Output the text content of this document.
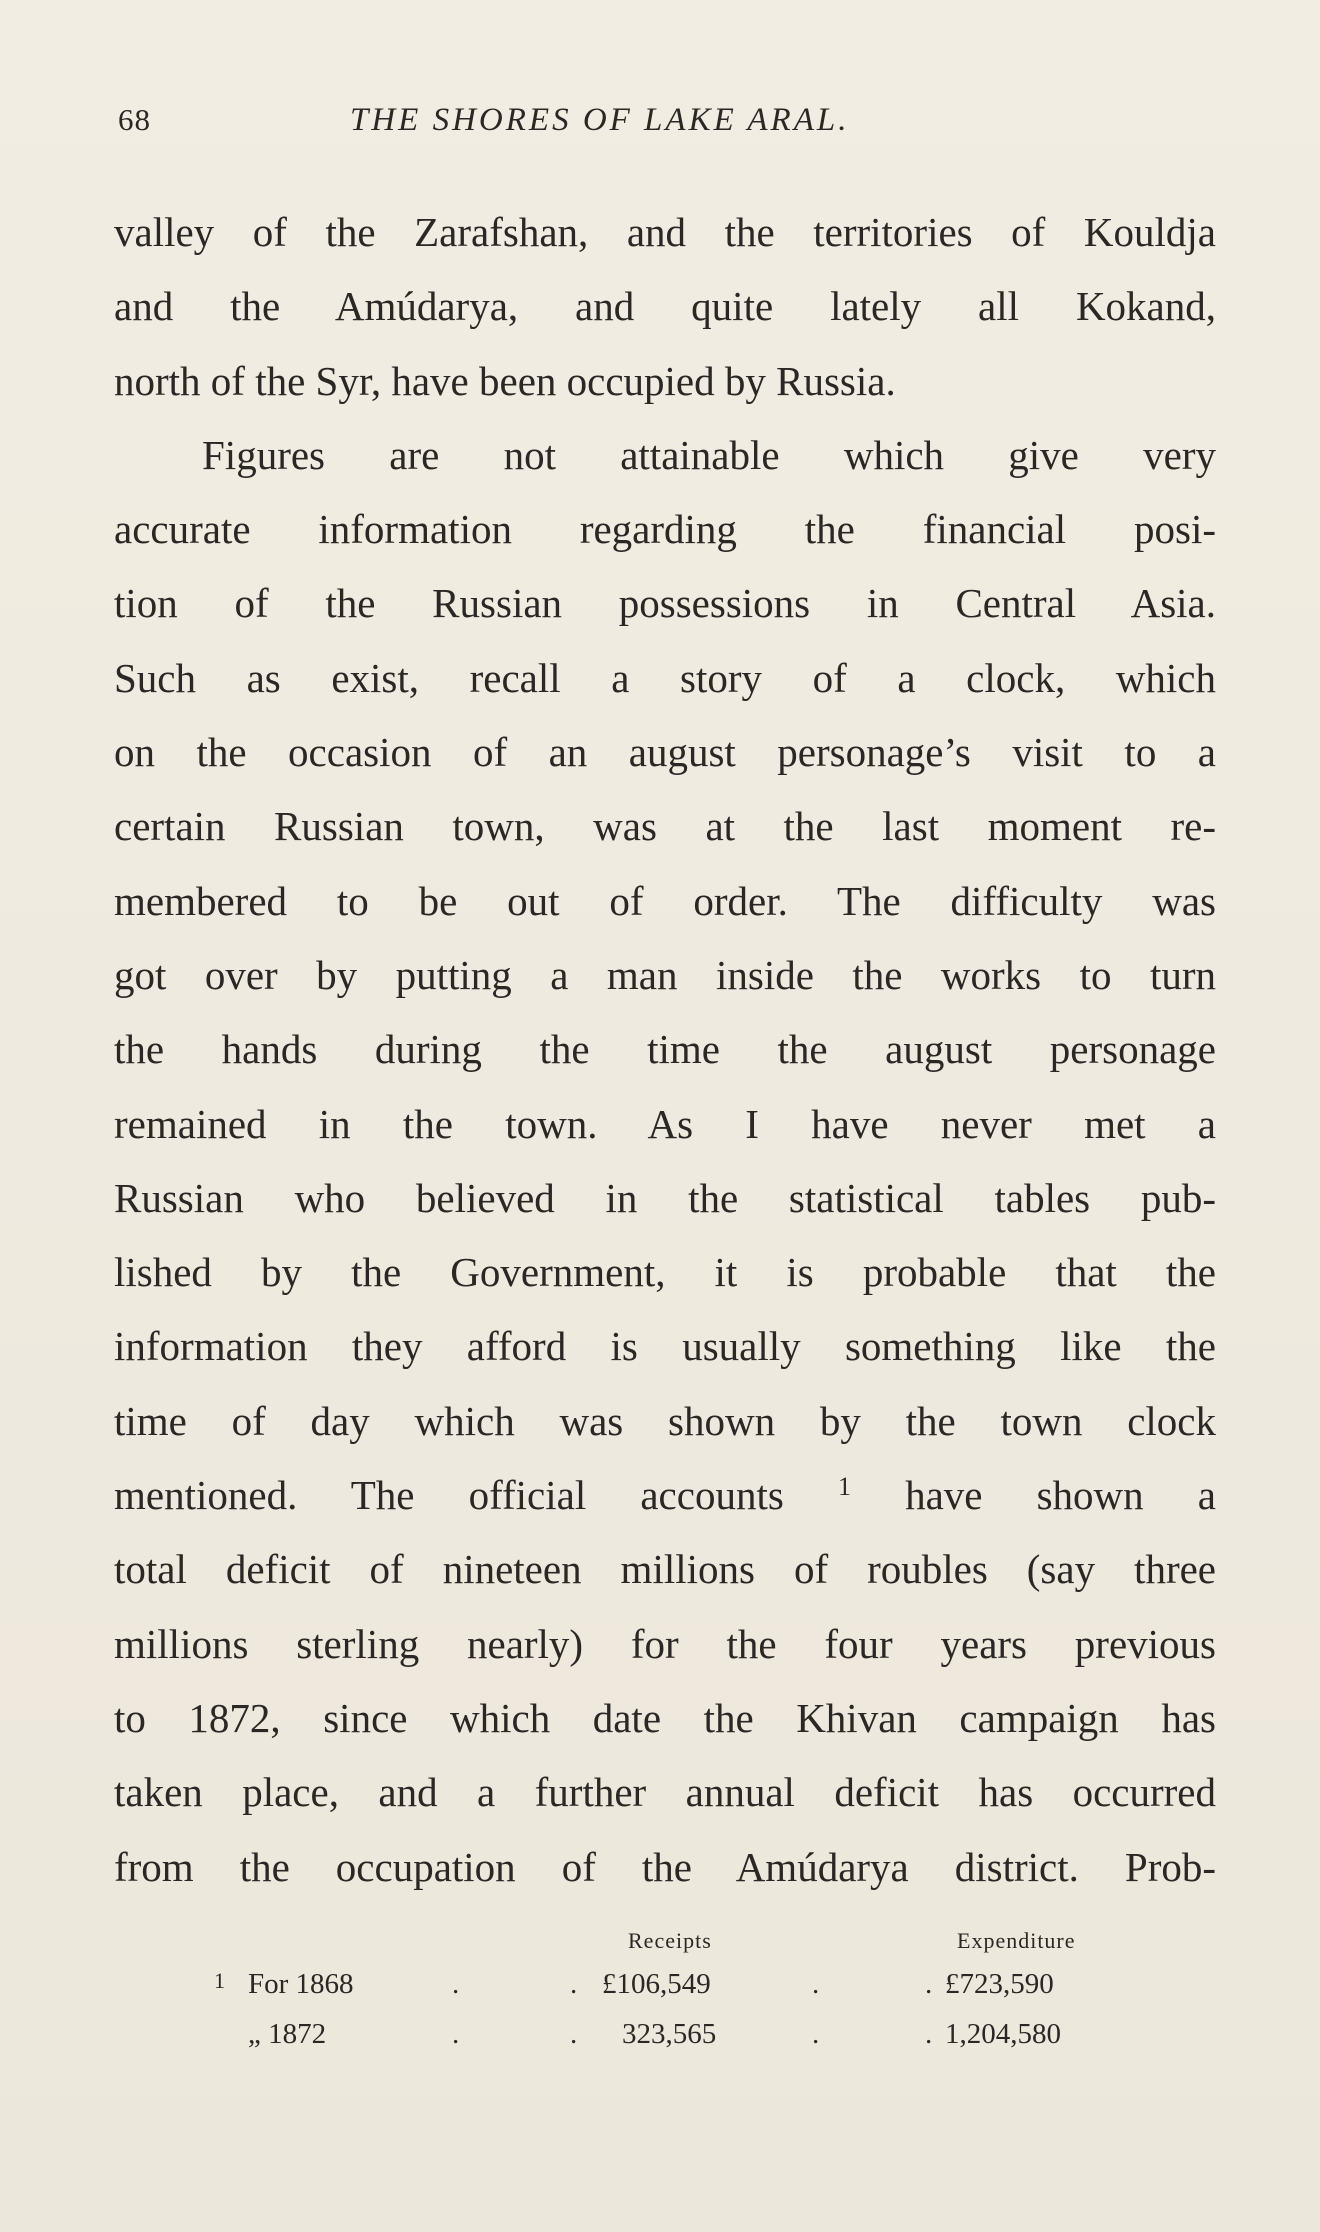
68	THE SHORES OF LAKE ARAL.
valley of the Zarafshan, and the territories of Kouldja
and the Amúdarya, and quite lately all Kokand,
north of the Syr, have been occupied by Russia.
Figures are not attainable which give very
accurate information regarding the financial posi-
tion of the Russian possessions in Central Asia.
Such as exist, recall a story of a clock, which
on the occasion of an august personage’s visit to a
certain Russian town, was at the last moment re-
membered to be out of order. The difficulty was
got over by putting a man inside the works to turn
the hands during the time the august personage
remained in the town. As I have never met a
Russian who believed in the statistical tables pub-
lished by the Government, it is probable that the
information they afford is usually something like the
time of day which was shown by the town clock
mentioned. The official accounts $^1$ have shown a
total deficit of nineteen millions of roubles (say three
millions sterling nearly) for the four years previous
to 1872, since which date the Khivan campaign has
taken place, and a further annual deficit has occurred
from the occupation of the Amúdarya district. Prob-
Receipts	Expenditure
1 For 1868	.	. £106,549	.	. £723,590
„ 1872	.	. 323,565	.	. 1,204,580
